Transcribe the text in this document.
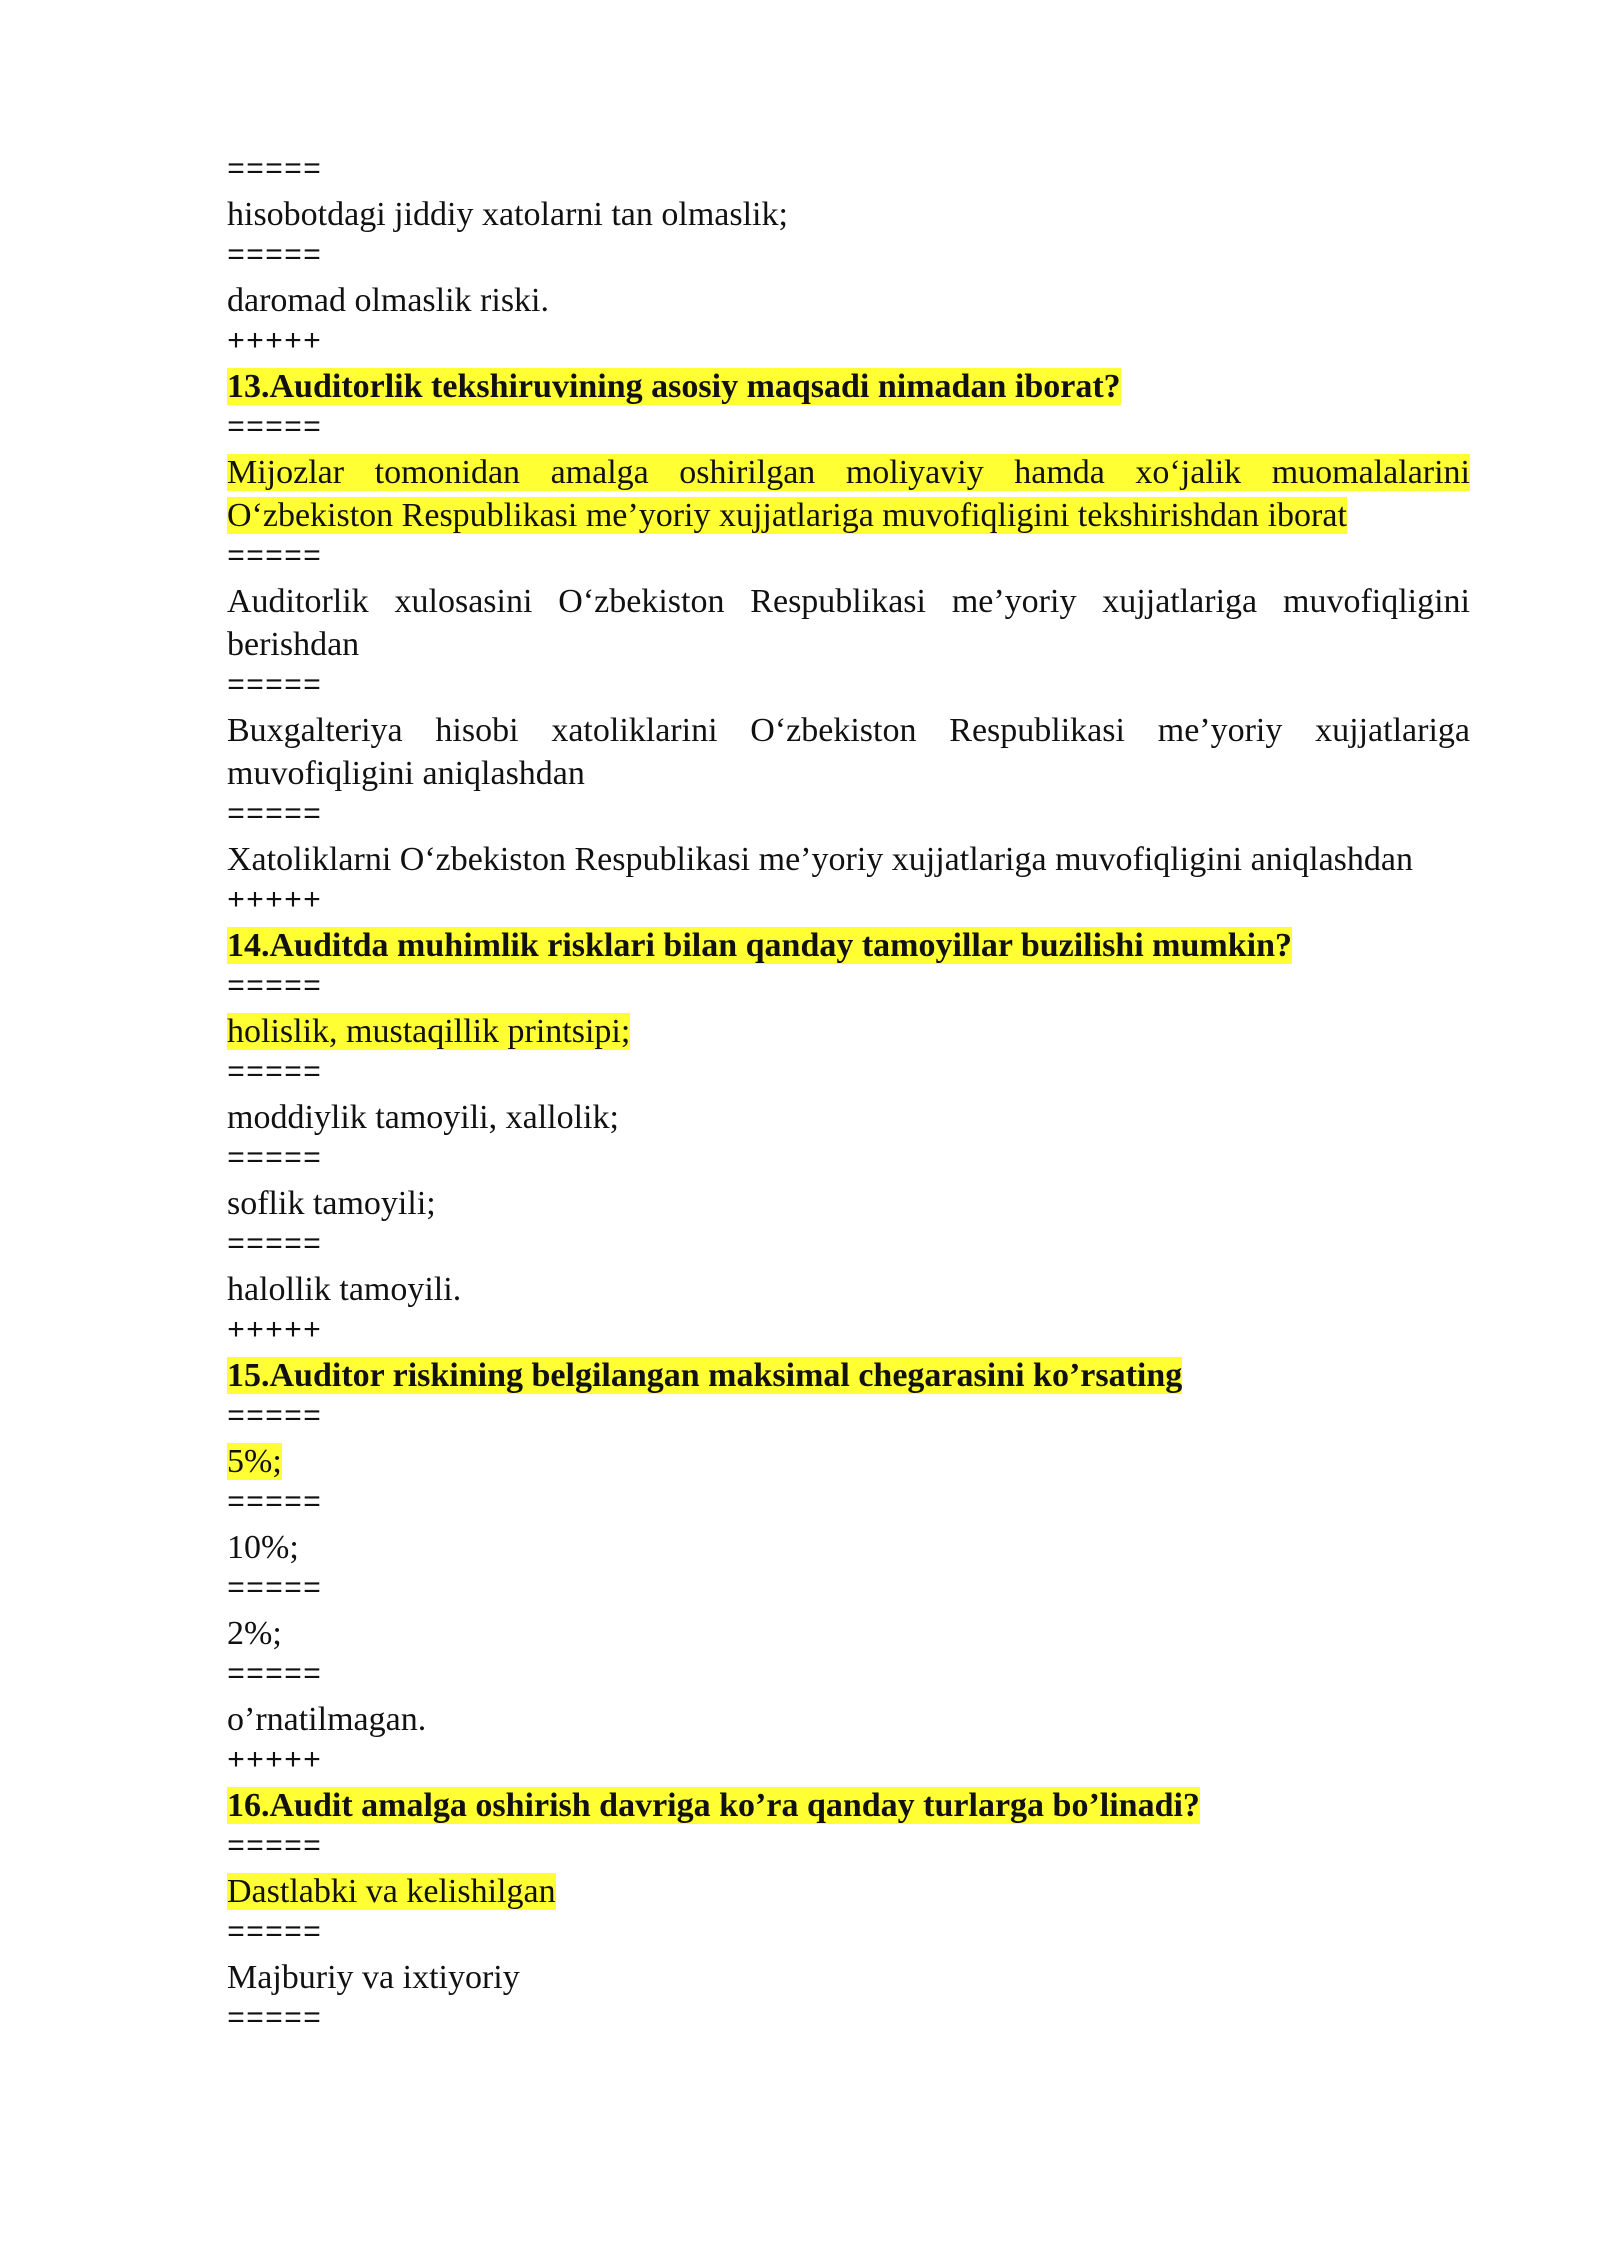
=====
hisobotdagi jiddiy xatolarni tan olmaslik;
=====
daromad olmaslik riski.
+++++
13.Auditorlik tekshiruvining asosiy maqsadi nimadan iborat?
=====
Mijozlar tomonidan amalga oshirilgan moliyaviy hamda xo‘jalik muomalalarini O‘zbekiston Respublikasi me’yoriy xujjatlariga muvofiqligini tekshirishdan iborat
=====
Auditorlik xulosasini O‘zbekiston Respublikasi me’yoriy xujjatlariga muvofiqligini berishdan
=====
Buxgalteriya hisobi xatoliklarini O‘zbekiston Respublikasi me’yoriy xujjatlariga muvofiqligini aniqlashdan
=====
Xatoliklarni O‘zbekiston Respublikasi me’yoriy xujjatlariga muvofiqligini aniqlashdan
+++++
14.Auditda muhimlik risklari bilan qanday tamoyillar buzilishi mumkin?
=====
holislik, mustaqillik printsipi;
=====
moddiylik tamoyili, xallolik;
=====
soflik tamoyili;
=====
halollik tamoyili.
+++++
15.Auditor riskining belgilangan maksimal chegarasini ko’rsating
=====
5%;
=====
10%;
=====
2%;
=====
o’rnatilmagan.
+++++
16.Audit amalga oshirish davriga ko’ra qanday turlarga bo’linadi?
=====
Dastlabki va kelishilgan
=====
Majburiy va ixtiyoriy
=====
